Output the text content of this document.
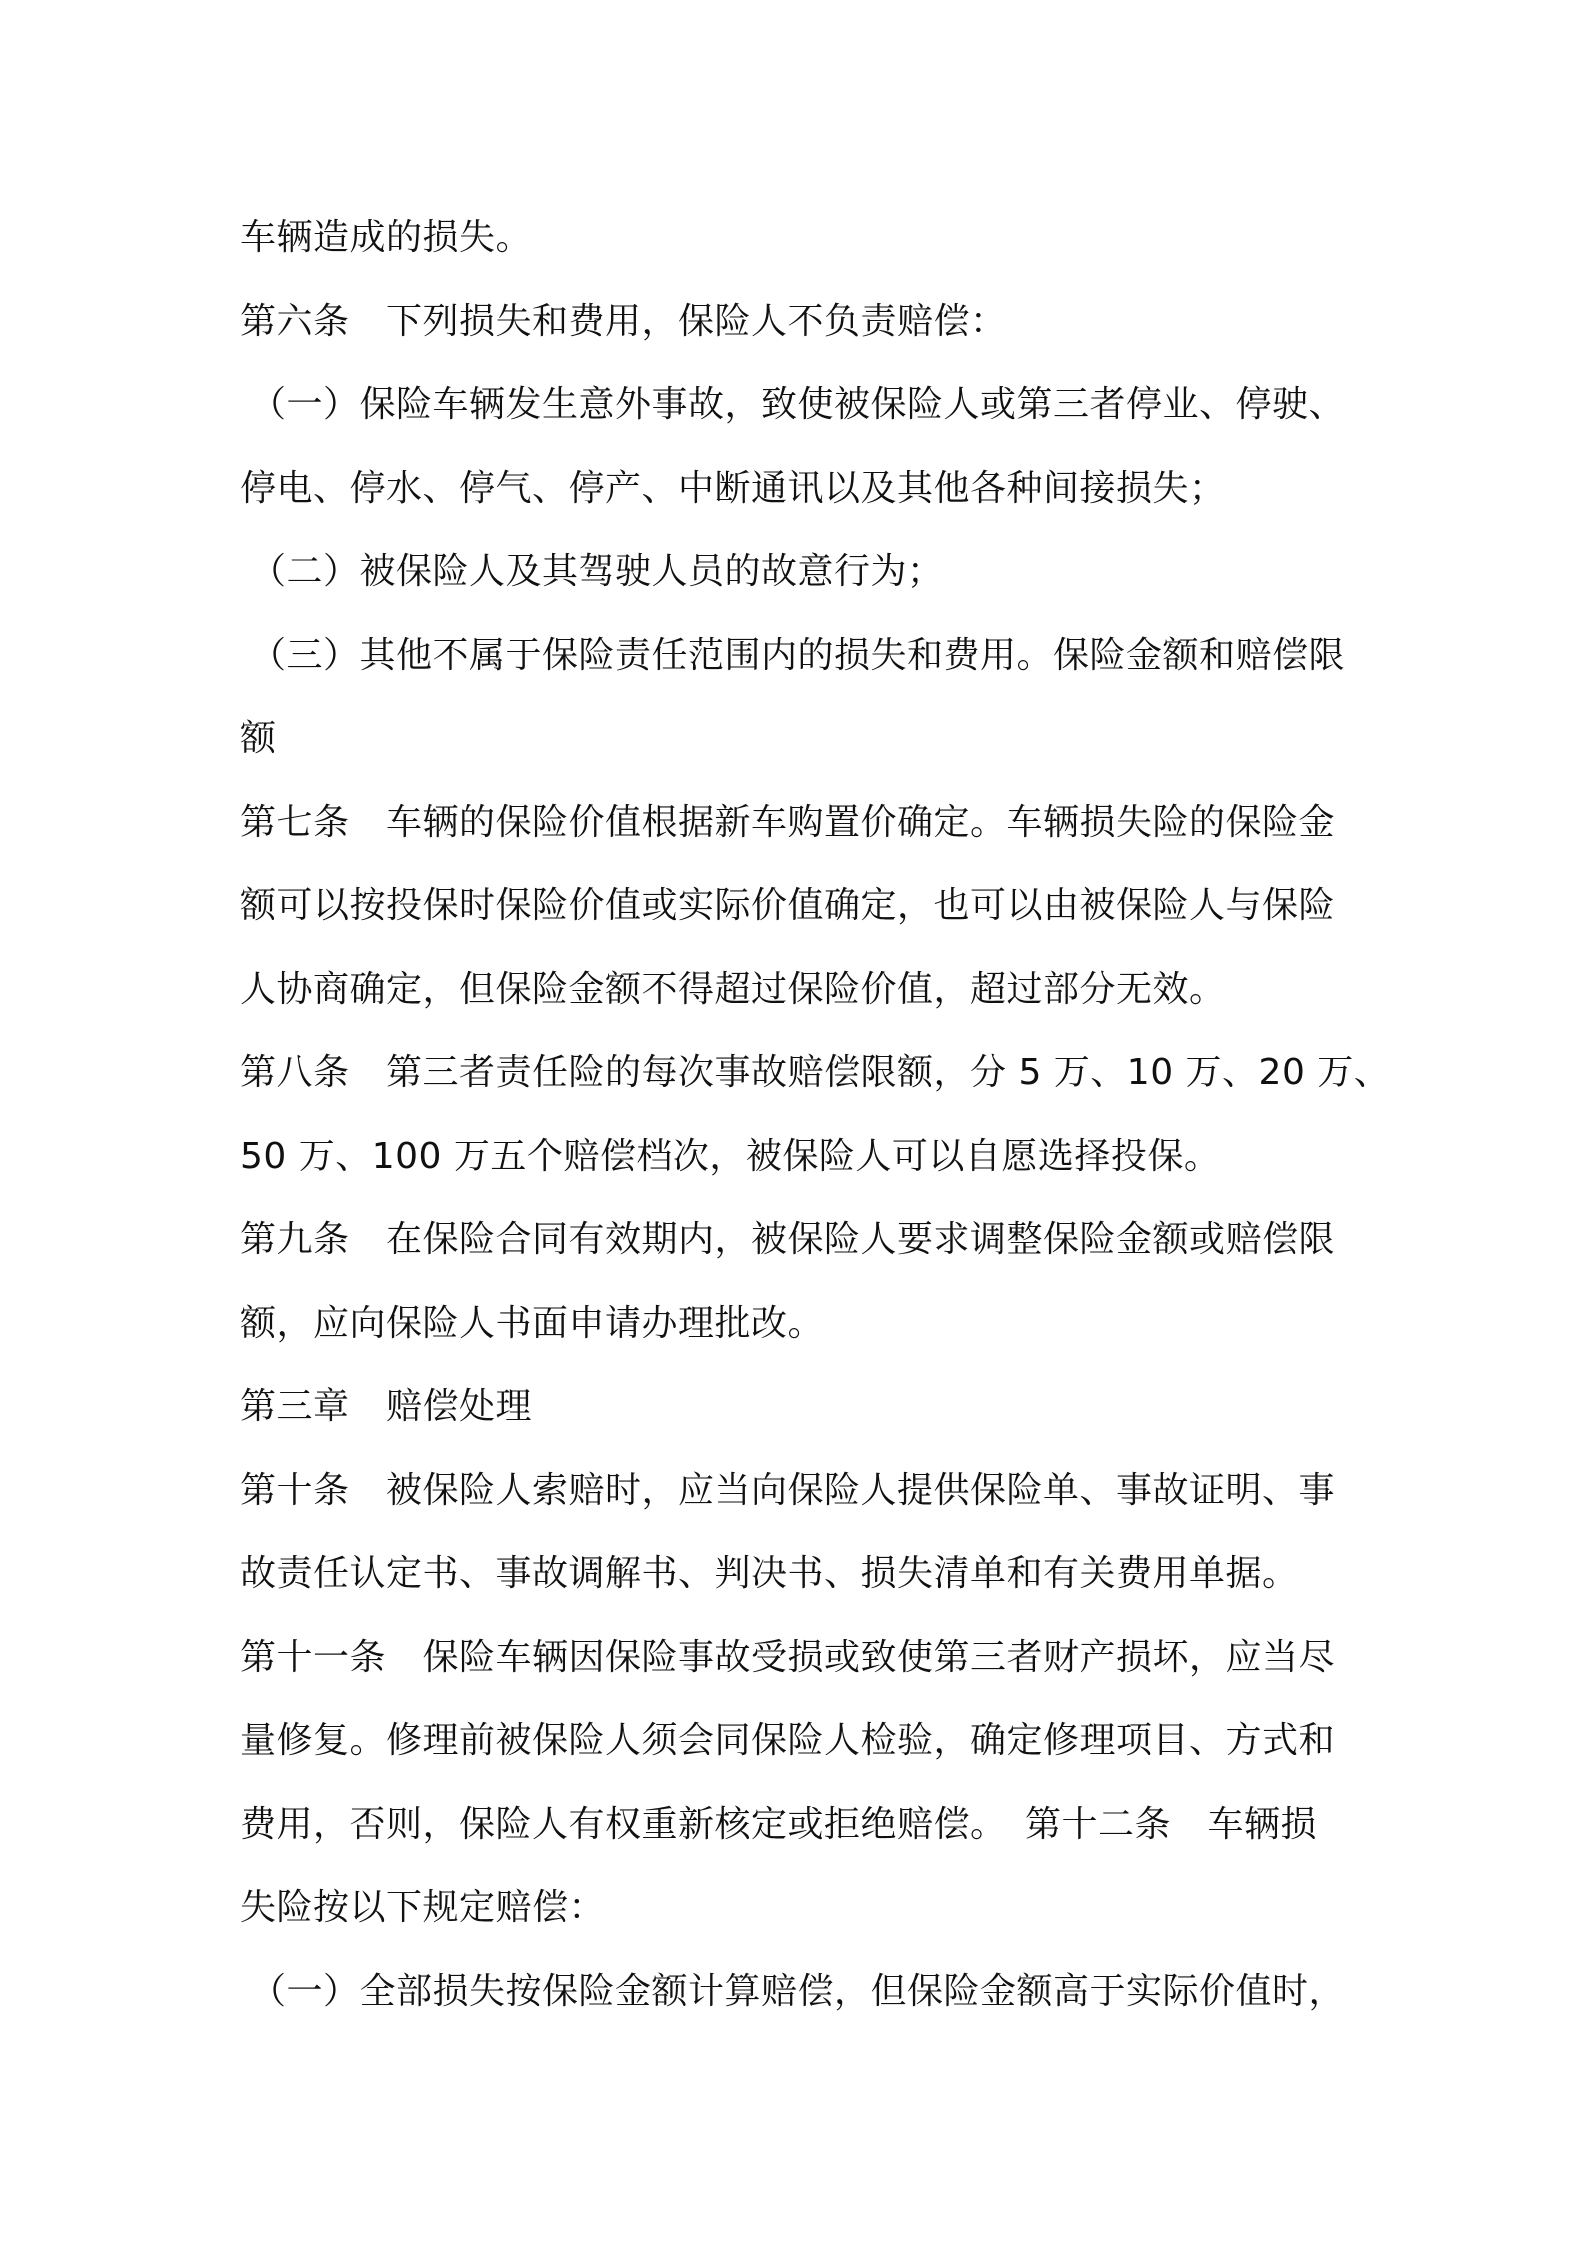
车辆造成的损失。
第六条　下列损失和费用，保险人不负责赔偿：
（一）保险车辆发生意外事故，致使被保险人或第三者停业、停驶、
停电、停水、停气、停产、中断通讯以及其他各种间接损失；
（二）被保险人及其驾驶人员的故意行为；
（三）其他不属于保险责任范围内的损失和费用。保险金额和赔偿限
额
第七条　车辆的保险价值根据新车购置价确定。车辆损失险的保险金
额可以按投保时保险价值或实际价值确定，也可以由被保险人与保险
人协商确定，但保险金额不得超过保险价值，超过部分无效。
第八条　第三者责任险的每次事故赔偿限额，分 5 万、10 万、20 万、
50 万、100 万五个赔偿档次，被保险人可以自愿选择投保。
第九条　在保险合同有效期内，被保险人要求调整保险金额或赔偿限
额，应向保险人书面申请办理批改。
第三章　赔偿处理
第十条　被保险人索赔时，应当向保险人提供保险单、事故证明、事
故责任认定书、事故调解书、判决书、损失清单和有关费用单据。
第十一条　保险车辆因保险事故受损或致使第三者财产损坏，应当尽
量修复。修理前被保险人须会同保险人检验，确定修理项目、方式和
费用，否则，保险人有权重新核定或拒绝赔偿。　第十二条　车辆损
失险按以下规定赔偿：
（一）全部损失按保险金额计算赔偿，但保险金额高于实际价值时，
